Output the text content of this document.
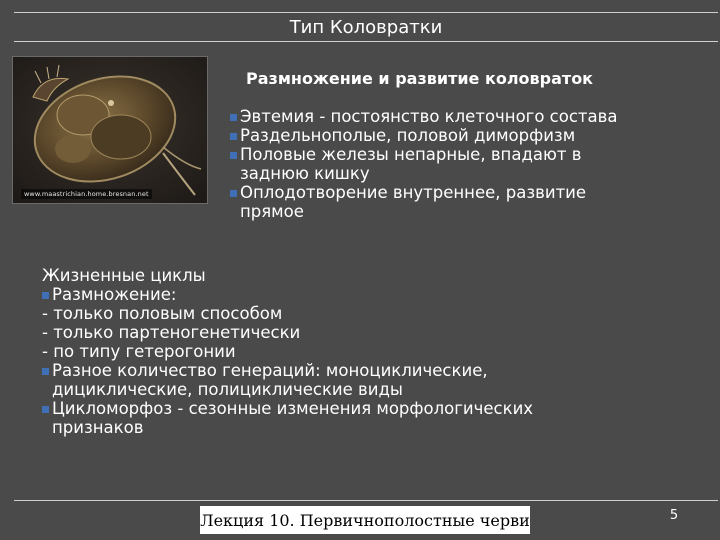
Тип Коловратки
www.maastrichian.home.bresnan.net
Размножение и развитие коловраток
Эвтемия - постоянство клеточного состава
Раздельнополые, половой диморфизм
Половые железы непарные, впадают в
заднюю кишку
Оплодотворение внутреннее, развитие
прямое
Жизненные циклы
Размножение:
- только половым способом
- только партеногенетически
- по типу гетерогонии
Разное количество генераций: моноциклические,
дициклические, полициклические виды
Цикломорфоз - сезонные изменения морфологических
признаков
Лекция 10. Первичнополостные черви	5
